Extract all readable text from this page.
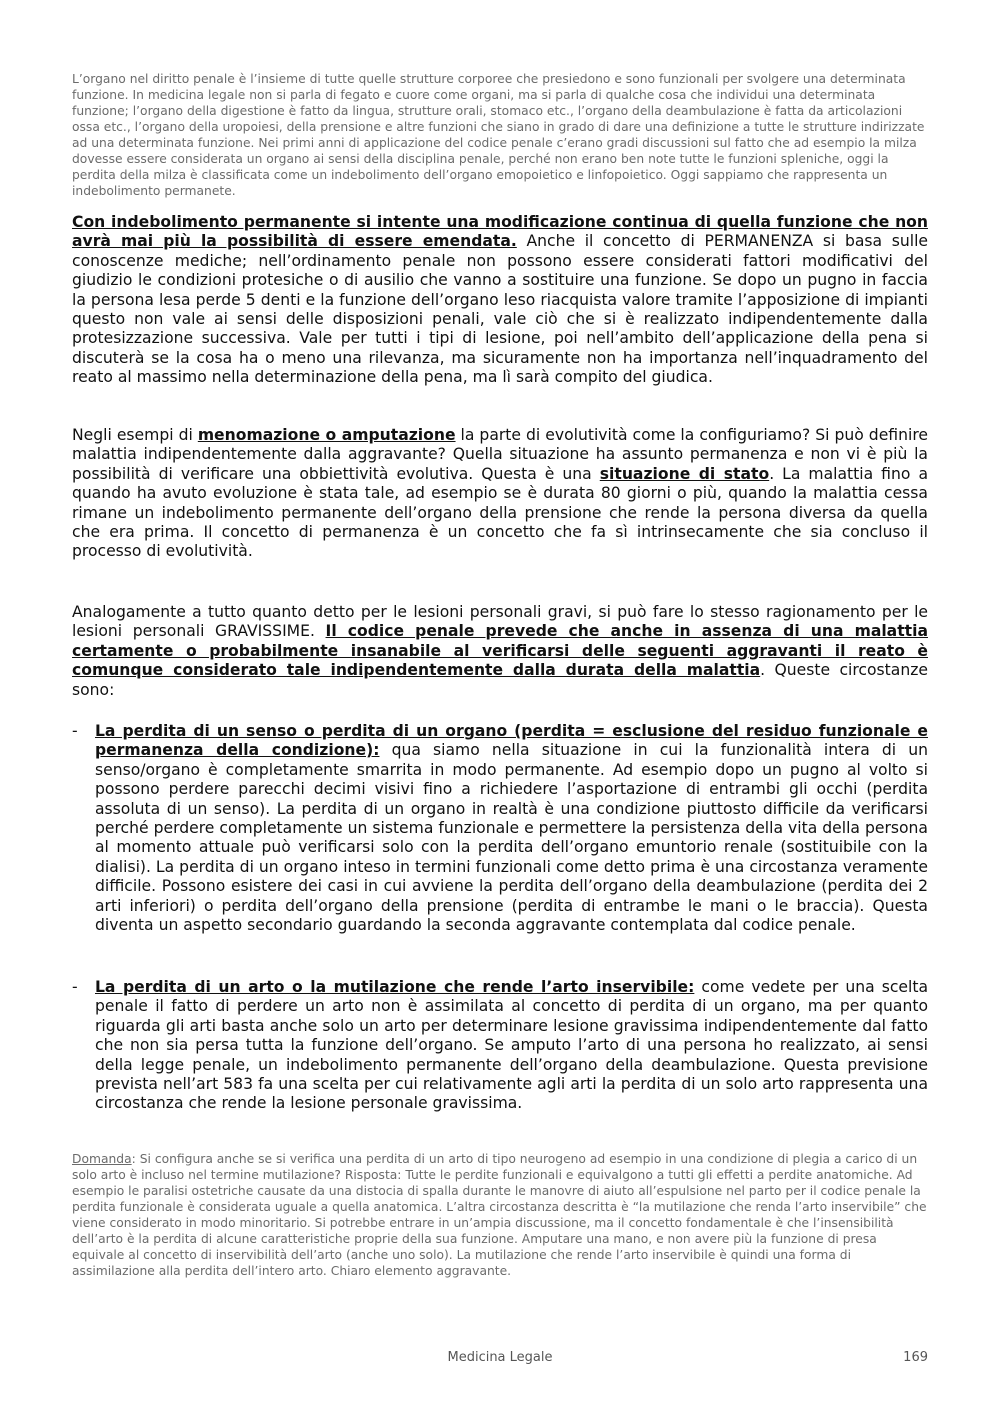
L’organo nel diritto penale è l’insieme di tutte quelle strutture corporee che presiedono e sono funzionali per svolgere una determinata funzione. In medicina legale non si parla di fegato e cuore come organi, ma si parla di qualche cosa che individui una determinata funzione; l’organo della digestione è fatto da lingua, strutture orali, stomaco etc., l’organo della deambulazione è fatta da articolazioni ossa etc., l’organo della uropoiesi, della prensione e altre funzioni che siano in grado di dare una definizione a tutte le strutture indirizzate ad una determinata funzione. Nei primi anni di applicazione del codice penale c’erano gradi discussioni sul fatto che ad esempio la milza dovesse essere considerata un organo ai sensi della disciplina penale, perché non erano ben note tutte le funzioni spleniche, oggi la perdita della milza è classificata come un indebolimento dell’organo emopoietico e linfopoietico. Oggi sappiamo che rappresenta un indebolimento permanete.

Con indebolimento permanente si intente una modificazione continua di quella funzione che non avrà mai più la possibilità di essere emendata. Anche il concetto di PERMANENZA si basa sulle conoscenze mediche; nell’ordinamento penale non possono essere considerati fattori modificativi del giudizio le condizioni protesiche o di ausilio che vanno a sostituire una funzione. Se dopo un pugno in faccia la persona lesa perde 5 denti e la funzione dell’organo leso riacquista valore tramite l’apposizione di impianti questo non vale ai sensi delle disposizioni penali, vale ciò che si è realizzato indipendentemente dalla protesizzazione successiva. Vale per tutti i tipi di lesione, poi nell’ambito dell’applicazione della pena si discuterà se la cosa ha o meno una rilevanza, ma sicuramente non ha importanza nell’inquadramento del reato al massimo nella determinazione della pena, ma lì sarà compito del giudica.

Negli esempi di menomazione o amputazione la parte di evolutività come la configuriamo? Si può definire malattia indipendentemente dalla aggravante? Quella situazione ha assunto permanenza e non vi è più la possibilità di verificare una obbiettività evolutiva. Questa è una situazione di stato. La malattia fino a quando ha avuto evoluzione è stata tale, ad esempio se è durata 80 giorni o più, quando la malattia cessa rimane un indebolimento permanente dell’organo della prensione che rende la persona diversa da quella che era prima. Il concetto di permanenza è un concetto che fa sì intrinsecamente che sia concluso il processo di evolutività.

Analogamente a tutto quanto detto per le lesioni personali gravi, si può fare lo stesso ragionamento per le lesioni personali GRAVISSIME. Il codice penale prevede che anche in assenza di una malattia certamente o probabilmente insanabile al verificarsi delle seguenti aggravanti il reato è comunque considerato tale indipendentemente dalla durata della malattia. Queste circostanze sono:

- La perdita di un senso o perdita di un organo (perdita = esclusione del residuo funzionale e permanenza della condizione): qua siamo nella situazione in cui la funzionalità intera di un senso/organo è completamente smarrita in modo permanente. Ad esempio dopo un pugno al volto si possono perdere parecchi decimi visivi fino a richiedere l’asportazione di entrambi gli occhi (perdita assoluta di un senso). La perdita di un organo in realtà è una condizione piuttosto difficile da verificarsi perché perdere completamente un sistema funzionale e permettere la persistenza della vita della persona al momento attuale può verificarsi solo con la perdita dell’organo emuntorio renale (sostituibile con la dialisi). La perdita di un organo inteso in termini funzionali come detto prima è una circostanza veramente difficile. Possono esistere dei casi in cui avviene la perdita dell’organo della deambulazione (perdita dei 2 arti inferiori) o perdita dell’organo della prensione (perdita di entrambe le mani o le braccia). Questa diventa un aspetto secondario guardando la seconda aggravante contemplata dal codice penale.

- La perdita di un arto o la mutilazione che rende l’arto inservibile: come vedete per una scelta penale il fatto di perdere un arto non è assimilata al concetto di perdita di un organo, ma per quanto riguarda gli arti basta anche solo un arto per determinare lesione gravissima indipendentemente dal fatto che non sia persa tutta la funzione dell’organo. Se amputo l’arto di una persona ho realizzato, ai sensi della legge penale, un indebolimento permanente dell’organo della deambulazione. Questa previsione prevista nell’art 583 fa una scelta per cui relativamente agli arti la perdita di un solo arto rappresenta una circostanza che rende la lesione personale gravissima.

Domanda: Si configura anche se si verifica una perdita di un arto di tipo neurogeno ad esempio in una condizione di plegia a carico di un solo arto è incluso nel termine mutilazione? Risposta: Tutte le perdite funzionali e equivalgono a tutti gli effetti a perdite anatomiche. Ad esempio le paralisi ostetriche causate da una distocia di spalla durante le manovre di aiuto all’espulsione nel parto per il codice penale la perdita funzionale è considerata uguale a quella anatomica. L’altra circostanza descritta è “la mutilazione che renda l’arto inservibile” che viene considerato in modo minoritario. Si potrebbe entrare in un’ampia discussione, ma il concetto fondamentale è che l’insensibilità dell’arto è la perdita di alcune caratteristiche proprie della sua funzione. Amputare una mano, e non avere più la funzione di presa equivale al concetto di inservibilità dell’arto (anche uno solo). La mutilazione che rende l’arto inservibile è quindi una forma di assimilazione alla perdita dell’intero arto. Chiaro elemento aggravante.

Medicina Legale	169
